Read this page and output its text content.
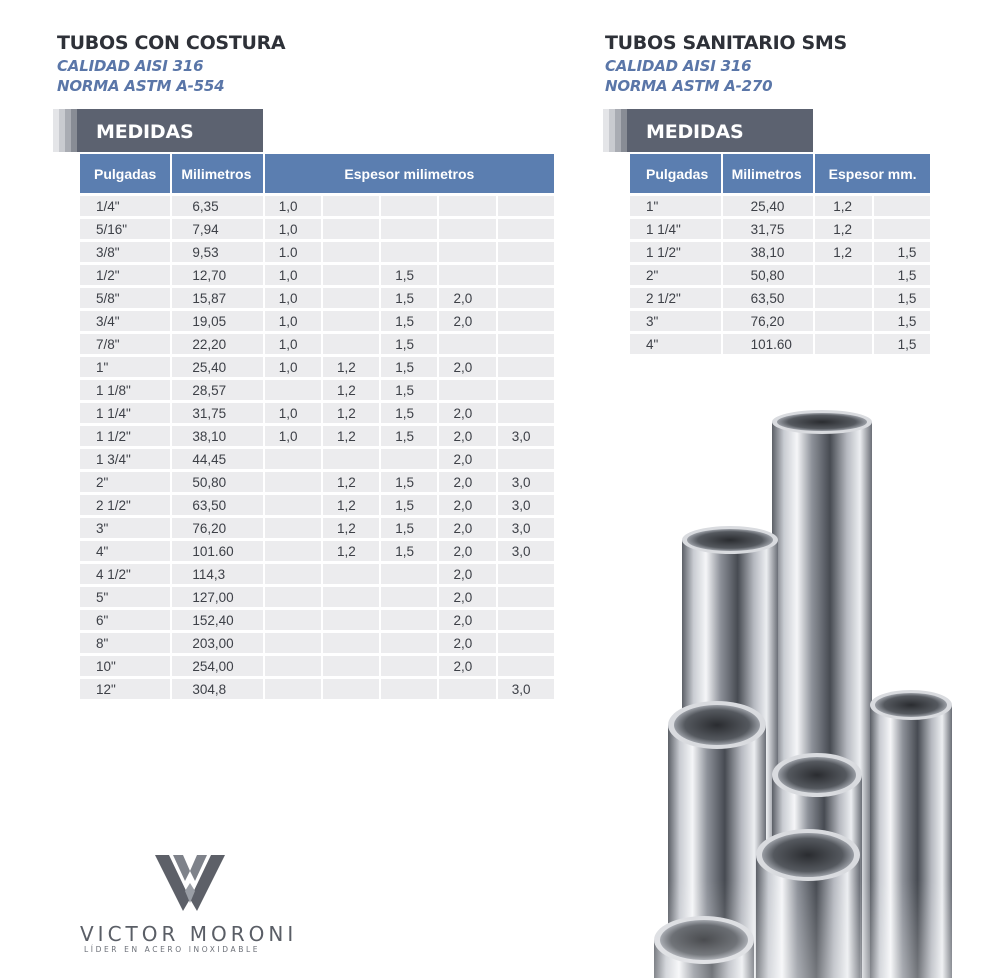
TUBOS CON COSTURA
CALIDAD AISI 316
NORMA ASTM A-554
MEDIDAS
Pulgadas	Milimetros	Espesor milimetros				
1/4"	6,35	1,0				
5/16"	7,94	1,0				
3/8"	9,53	1.0				
1/2"	12,70	1,0		1,5		
5/8"	15,87	1,0		1,5	2,0	
3/4"	19,05	1,0		1,5	2,0	
7/8"	22,20	1,0		1,5		
1"	25,40	1,0	1,2	1,5	2,0	
1 1/8"	28,57		1,2	1,5		
1 1/4"	31,75	1,0	1,2	1,5	2,0	
1 1/2"	38,10	1,0	1,2	1,5	2,0	3,0
1 3/4"	44,45				2,0	
2"	50,80		1,2	1,5	2,0	3,0
2 1/2"	63,50		1,2	1,5	2,0	3,0
3"	76,20		1,2	1,5	2,0	3,0
4"	101.60		1,2	1,5	2,0	3,0
4 1/2"	114,3				2,0	
5"	127,00				2,0	
6"	152,40				2,0	
8"	203,00				2,0	
10"	254,00				2,0	
12"	304,8					3,0
TUBOS SANITARIO SMS
CALIDAD AISI 316
NORMA ASTM A-270
MEDIDAS
Pulgadas	Milimetros	Espesor mm.	
1"	25,40	1,2	
1 1/4"	31,75	1,2	
1 1/2"	38,10	1,2	1,5
2"	50,80		1,5
2 1/2"	63,50		1,5
3"	76,20		1,5
4"	101.60		1,5
VICTOR MORONI
LÍDER EN ACERO INOXIDABLE
